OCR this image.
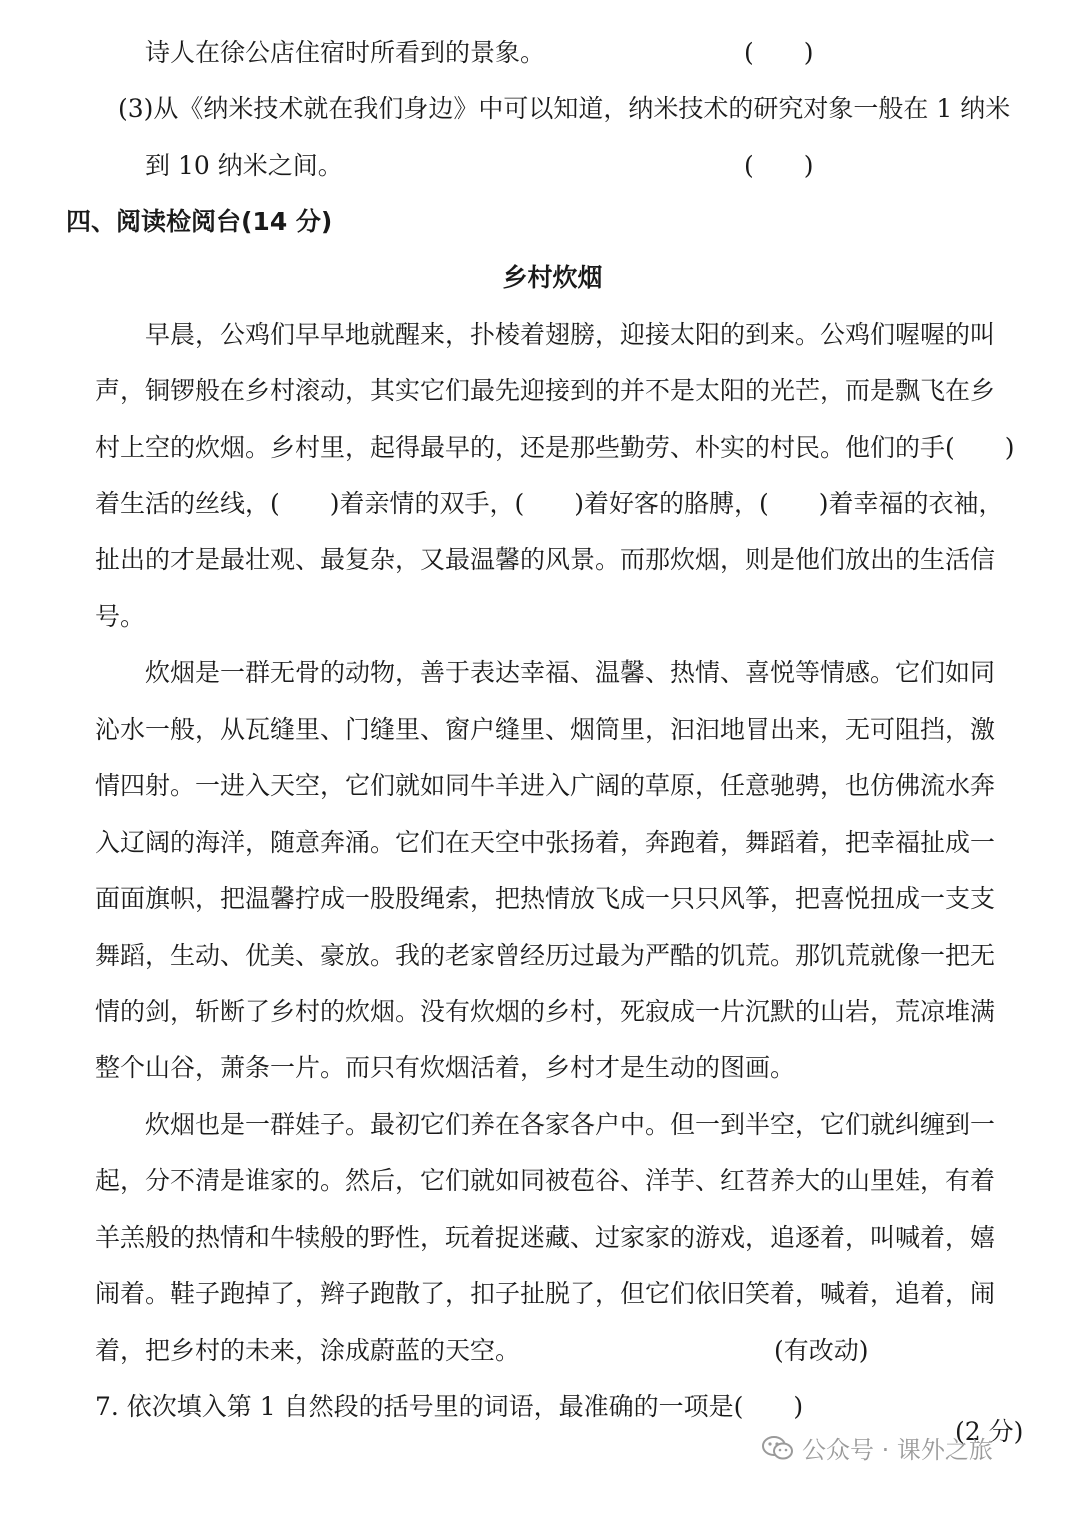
诗人在徐公店住宿时所看到的景象。	(　　)
(3)从《纳米技术就在我们身边》中可以知道，纳米技术的研究对象一般在 1 纳米
到 10 纳米之间。	(　　)
四、阅读检阅台(14 分)
乡村炊烟
早晨，公鸡们早早地就醒来，扑棱着翅膀，迎接太阳的到来。公鸡们喔喔的叫
声，铜锣般在乡村滚动，其实它们最先迎接到的并不是太阳的光芒，而是飘飞在乡
村上空的炊烟。乡村里，起得最早的，还是那些勤劳、朴实的村民。他们的手(　　)
着生活的丝线，(　　)着亲情的双手，(　　)着好客的胳膊，(　　)着幸福的衣袖，
扯出的才是最壮观、最复杂，又最温馨的风景。而那炊烟，则是他们放出的生活信
号。
炊烟是一群无骨的动物，善于表达幸福、温馨、热情、喜悦等情感。它们如同
沁水一般，从瓦缝里、门缝里、窗户缝里、烟筒里，汩汩地冒出来，无可阻挡，激
情四射。一进入天空，它们就如同牛羊进入广阔的草原，任意驰骋，也仿佛流水奔
入辽阔的海洋，随意奔涌。它们在天空中张扬着，奔跑着，舞蹈着，把幸福扯成一
面面旗帜，把温馨拧成一股股绳索，把热情放飞成一只只风筝，把喜悦扭成一支支
舞蹈，生动、优美、豪放。我的老家曾经历过最为严酷的饥荒。那饥荒就像一把无
情的剑，斩断了乡村的炊烟。没有炊烟的乡村，死寂成一片沉默的山岩，荒凉堆满
整个山谷，萧条一片。而只有炊烟活着，乡村才是生动的图画。
炊烟也是一群娃子。最初它们养在各家各户中。但一到半空，它们就纠缠到一
起，分不清是谁家的。然后，它们就如同被苞谷、洋芋、红苕养大的山里娃，有着
羊羔般的热情和牛犊般的野性，玩着捉迷藏、过家家的游戏，追逐着，叫喊着，嬉
闹着。鞋子跑掉了，辫子跑散了，扣子扯脱了，但它们依旧笑着，喊着，追着，闹
着，把乡村的未来，涂成蔚蓝的天空。	(有改动)
7. 依次填入第 1 自然段的括号里的词语，最准确的一项是(　　)
(2 分)
公众号 · 课外之旅
